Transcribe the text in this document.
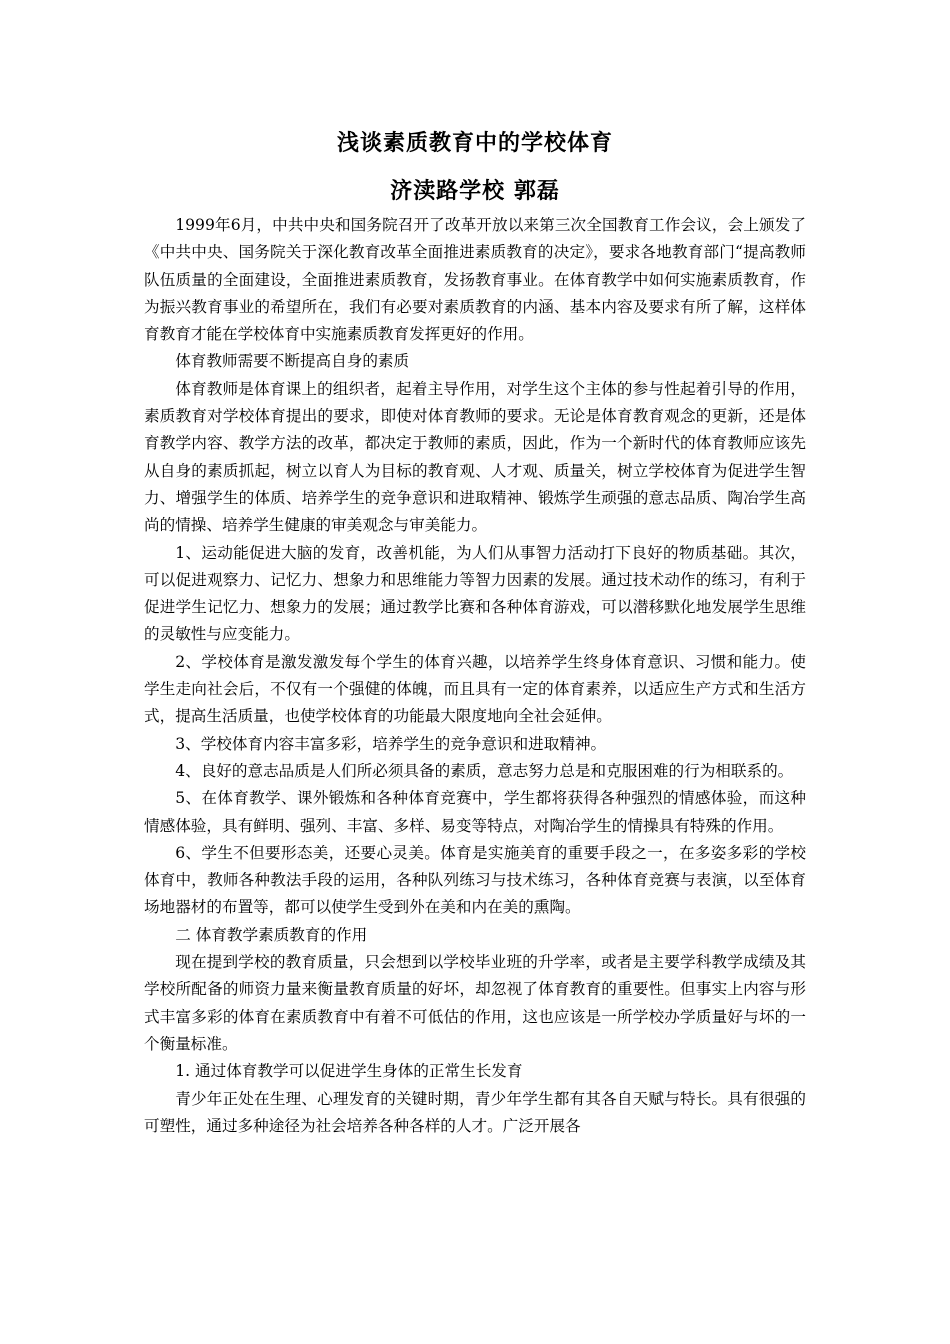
浅谈素质教育中的学校体育
济渎路学校 郭磊

1999年6月，中共中央和国务院召开了改革开放以来第三次全国教育工作会议，会上颁发了《中共中央、国务院关于深化教育改革全面推进素质教育的决定》，要求各地教育部门“提高教师队伍质量的全面建设，全面推进素质教育，发扬教育事业。在体育教学中如何实施素质教育，作为振兴教育事业的希望所在，我们有必要对素质教育的内涵、基本内容及要求有所了解，这样体育教育才能在学校体育中实施素质教育发挥更好的作用。

体育教师需要不断提高自身的素质

体育教师是体育课上的组织者，起着主导作用，对学生这个主体的参与性起着引导的作用，素质教育对学校体育提出的要求，即使对体育教师的要求。无论是体育教育观念的更新，还是体育教学内容、教学方法的改革，都决定于教师的素质，因此，作为一个新时代的体育教师应该先从自身的素质抓起，树立以育人为目标的教育观、人才观、质量关，树立学校体育为促进学生智力、增强学生的体质、培养学生的竞争意识和进取精神、锻炼学生顽强的意志品质、陶冶学生高尚的情操、培养学生健康的审美观念与审美能力。

1、运动能促进大脑的发育，改善机能，为人们从事智力活动打下良好的物质基础。其次，可以促进观察力、记忆力、想象力和思维能力等智力因素的发展。通过技术动作的练习，有利于促进学生记忆力、想象力的发展；通过教学比赛和各种体育游戏，可以潜移默化地发展学生思维的灵敏性与应变能力。

2、学校体育是激发激发每个学生的体育兴趣，以培养学生终身体育意识、习惯和能力。使学生走向社会后，不仅有一个强健的体魄，而且具有一定的体育素养，以适应生产方式和生活方式，提高生活质量，也使学校体育的功能最大限度地向全社会延伸。

3、学校体育内容丰富多彩，培养学生的竞争意识和进取精神。

4、良好的意志品质是人们所必须具备的素质，意志努力总是和克服困难的行为相联系的。

5、在体育教学、课外锻炼和各种体育竞赛中，学生都将获得各种强烈的情感体验，而这种情感体验，具有鲜明、强列、丰富、多样、易变等特点，对陶冶学生的情操具有特殊的作用。

6、学生不但要形态美，还要心灵美。体育是实施美育的重要手段之一，在多姿多彩的学校体育中，教师各种教法手段的运用，各种队列练习与技术练习，各种体育竞赛与表演，以至体育场地器材的布置等，都可以使学生受到外在美和内在美的熏陶。

二 体育教学素质教育的作用

现在提到学校的教育质量，只会想到以学校毕业班的升学率，或者是主要学科教学成绩及其学校所配备的师资力量来衡量教育质量的好坏，却忽视了体育教育的重要性。但事实上内容与形式丰富多彩的体育在素质教育中有着不可低估的作用，这也应该是一所学校办学质量好与坏的一个衡量标准。

1. 通过体育教学可以促进学生身体的正常生长发育

青少年正处在生理、心理发育的关键时期，青少年学生都有其各自天赋与特长。具有很强的可塑性，通过多种途径为社会培养各种各样的人才。广泛开展各
